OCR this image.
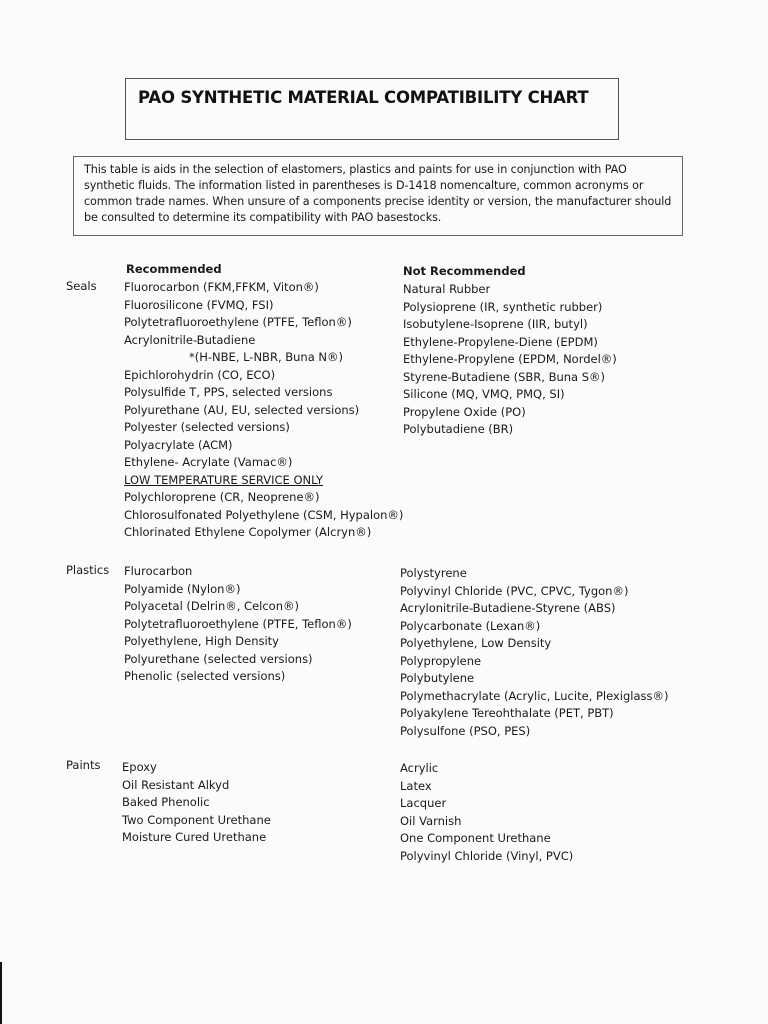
PAO SYNTHETIC MATERIAL COMPATIBILITY CHART
This table is aids in the selection of elastomers, plastics and paints for use in conjunction with PAO synthetic fluids. The information listed in parentheses is D-1418 nomencalture, common acronyms or common trade names. When unsure of a components precise identity or version, the manufacturer should be consulted to determine its compatibility with PAO basestocks.
Recommended	Not Recommended
Seals Fluorocarbon (FKM,FFKM, Viton®)
Fluorosilicone (FVMQ, FSI)
Polytetrafluoroethylene (PTFE, Teflon®)
Acrylonitrile-Butadiene
*(H-NBE, L-NBR, Buna N®)
Epichlorohydrin (CO, ECO)
Polysulfide T, PPS, selected versions
Polyurethane (AU, EU, selected versions)
Polyester (selected versions)
Polyacrylate (ACM)
Ethylene- Acrylate (Vamac®)
LOW TEMPERATURE SERVICE ONLY
Polychloroprene (CR, Neoprene®)
Chlorosulfonated Polyethylene (CSM, Hypalon®)
Chlorinated Ethylene Copolymer (Alcryn®)
Natural Rubber
Polysioprene (IR, synthetic rubber)
Isobutylene-Isoprene (IIR, butyl)
Ethylene-Propylene-Diene (EPDM)
Ethylene-Propylene (EPDM, Nordel®)
Styrene-Butadiene (SBR, Buna S®)
Silicone (MQ, VMQ, PMQ, SI)
Propylene Oxide (PO)
Polybutadiene (BR)
Plastics Flurocarbon
Polyamide (Nylon®)
Polyacetal (Delrin®, Celcon®)
Polytetrafluoroethylene (PTFE, Teflon®)
Polyethylene, High Density
Polyurethane (selected versions)
Phenolic (selected versions)
Polystyrene
Polyvinyl Chloride (PVC, CPVC, Tygon®)
Acrylonitrile-Butadiene-Styrene (ABS)
Polycarbonate (Lexan®)
Polyethylene, Low Density
Polypropylene
Polybutylene
Polymethacrylate (Acrylic, Lucite, Plexiglass®)
Polyakylene Tereohthalate (PET, PBT)
Polysulfone (PSO, PES)
Paints Epoxy
Oil Resistant Alkyd
Baked Phenolic
Two Component Urethane
Moisture Cured Urethane
Acrylic
Latex
Lacquer
Oil Varnish
One Component Urethane
Polyvinyl Chloride (Vinyl, PVC)
